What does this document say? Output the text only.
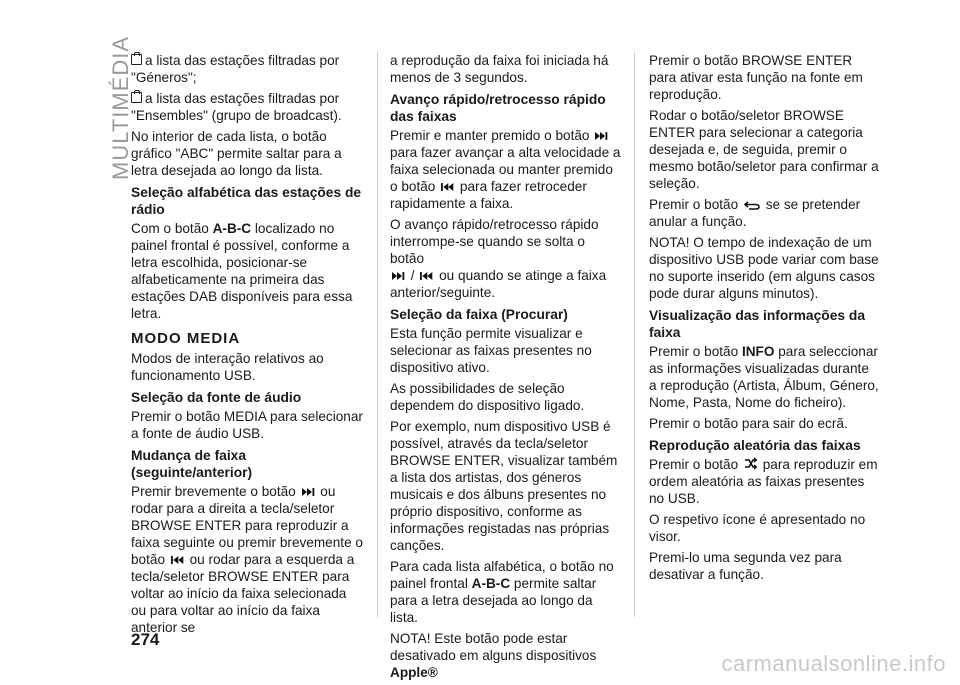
MULTIMÉDIA a lista das estações filtradas por "Géneros";

a lista das estações filtradas por "Ensembles" (grupo de broadcast).

No interior de cada lista, o botão gráfico "ABC" permite saltar para a letra desejada ao longo da lista.

Seleção alfabética das estações de rádio

Com o botão A-B-C localizado no painel frontal é possível, conforme a letra escolhida, posicionar-se alfabeticamente na primeira das estações DAB disponíveis para essa letra.

MODO MEDIA

Modos de interação relativos ao funcionamento USB.

Seleção da fonte de áudio

Premir o botão MEDIA para selecionar a fonte de áudio USB.

Mudança de faixa (seguinte/anterior)

Premir brevemente o botão  ou rodar para a direita a tecla/seletor BROWSE ENTER para reproduzir a faixa seguinte ou premir brevemente o botão  ou rodar para a esquerda a tecla/seletor BROWSE ENTER para voltar ao início da faixa selecionada ou para voltar ao início da faixa anterior se

a reprodução da faixa foi iniciada há menos de 3 segundos.

Avanço rápido/retrocesso rápido das faixas

Premir e manter premido o botão  para fazer avançar a alta velocidade a faixa selecionada ou manter premido o botão  para fazer retroceder rapidamente a faixa.

O avanço rápido/retrocesso rápido interrompe-se quando se solta o botão
/  ou quando se atinge a faixa anterior/seguinte.

Seleção da faixa (Procurar)

Esta função permite visualizar e selecionar as faixas presentes no dispositivo ativo.

As possibilidades de seleção dependem do dispositivo ligado.

Por exemplo, num dispositivo USB é possível, através da tecla/seletor BROWSE ENTER, visualizar também a lista dos artistas, dos géneros musicais e dos álbuns presentes no próprio dispositivo, conforme as informações registadas nas próprias canções.

Para cada lista alfabética, o botão no painel frontal A-B-C permite saltar para a letra desejada ao longo da lista.

NOTA! Este botão pode estar desativado em alguns dispositivos Apple®

Premir o botão BROWSE ENTER para ativar esta função na fonte em reprodução.

Rodar o botão/seletor BROWSE ENTER para selecionar a categoria desejada e, de seguida, premir o mesmo botão/seletor para confirmar a seleção.

Premir o botão  se se pretender anular a função.

NOTA! O tempo de indexação de um dispositivo USB pode variar com base no suporte inserido (em alguns casos pode durar alguns minutos).

Visualização das informações da faixa

Premir o botão INFO para seleccionar as informações visualizadas durante a reprodução (Artista, Álbum, Género, Nome, Pasta, Nome do ficheiro).

Premir o botão para sair do ecrã.

Reprodução aleatória das faixas

Premir o botão  para reproduzir em ordem aleatória as faixas presentes no USB.

O respetivo ícone é apresentado no visor.

Premi-lo uma segunda vez para desativar a função.

274
carmanualsonline.info
